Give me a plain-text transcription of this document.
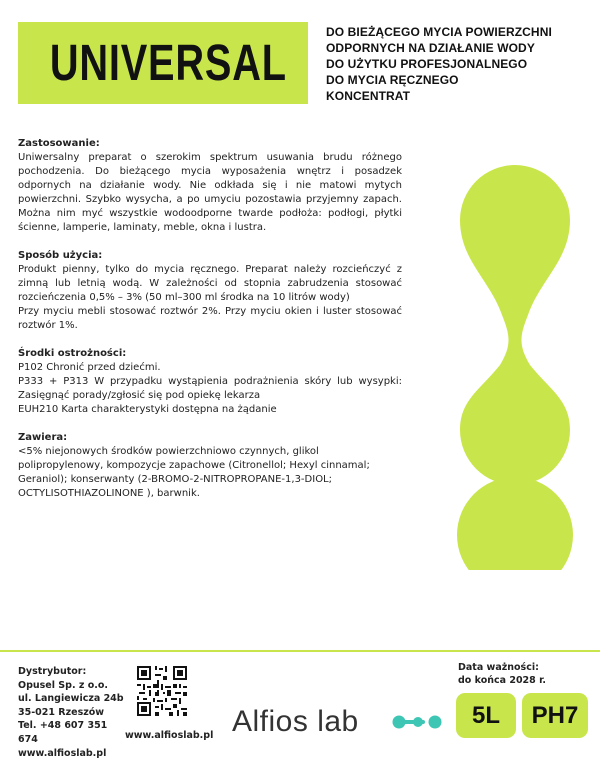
UNIVERSAL
DO BIEŻĄCEGO MYCIA POWIERZCHNI
ODPORNYCH NA DZIAŁANIE WODY
DO UŻYTKU PROFESJONALNEGO
DO MYCIA RĘCZNEGO
KONCENTRAT
Zastosowanie:

Uniwersalny preparat o szerokim spektrum usuwania brudu różnego pochodzenia. Do bieżącego mycia wyposażenia wnętrz i posadzek odpornych na działanie wody. Nie odkłada się i nie matowi mytych powierzchni. Szybko wysycha, a po umyciu pozostawia przyjemny zapach. Można nim myć wszystkie wodoodporne twarde podłoża: podłogi, płytki ścienne, lamperie, laminaty, meble, okna i lustra.

Sposób użycia:

Produkt pienny, tylko do mycia ręcznego. Preparat należy rozcieńczyć z zimną lub letnią wodą. W zależności od stopnia zabrudzenia stosować rozcieńczenia 0,5% – 3% (50 ml–300 ml środka na 10 litrów wody)

Przy myciu mebli stosować roztwór 2%. Przy myciu okien i luster stosować roztwór 1%.

Środki ostrożności:

P102 Chronić przed dziećmi.

P333 + P313 W przypadku wystąpienia podrażnienia skóry lub wysypki: Zasięgnąć porady/zgłosić się pod opiekę lekarza

EUH210 Karta charakterystyki dostępna na żądanie

Zawiera:

<5% niejonowych środków powierzchniowo czynnych, glikol polipropylenowy, kompozycje zapachowe (Citronellol; Hexyl cinnamal; Geraniol); konserwanty (2-BROMO-2-NITROPROPANE-1,3-DIOL; OCTYLISOTHIAZOLINONE ), barwnik.

Dystrybutor:
Opusel Sp. z o.o.
ul. Langiewicza 24b
35-021 Rzeszów
Tel. +48 607 351 674
www.alfioslab.pl
www.alfioslab.pl Alfios lab
Data ważności:
do końca 2028 r.
5L	PH7
